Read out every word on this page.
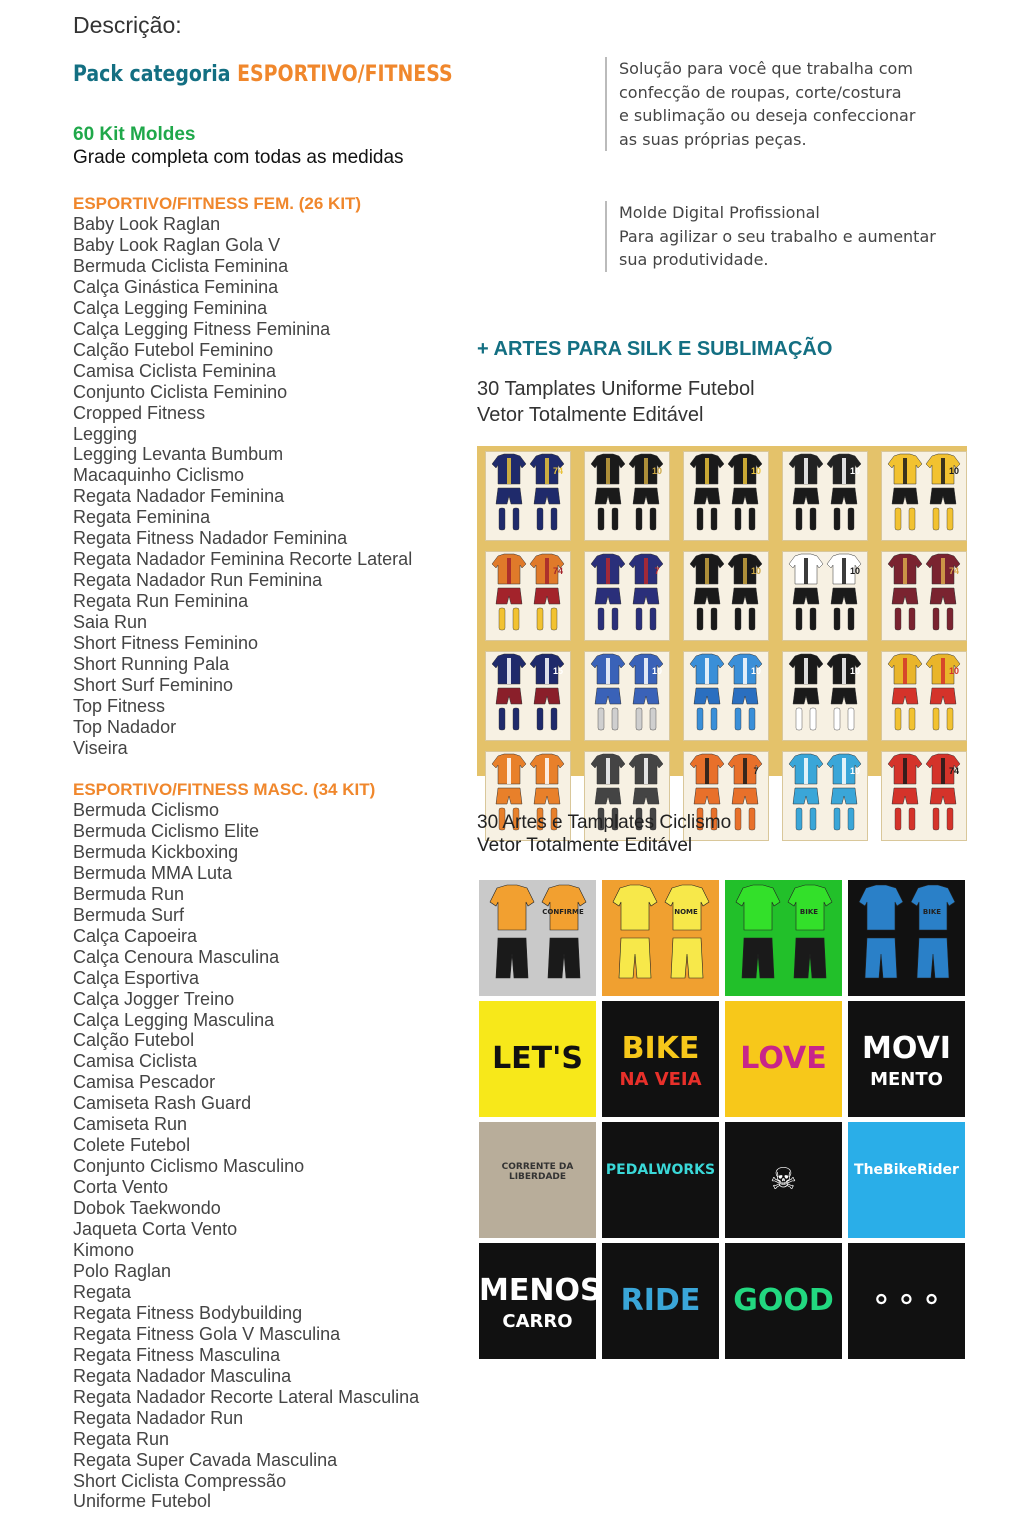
Descrição:
Pack categoria ESPORTIVO/FITNESS
60 Kit Moldes
Grade completa com todas as medidas
ESPORTIVO/FITNESS FEM. (26 KIT)
Baby Look Raglan
Baby Look Raglan Gola V
Bermuda Ciclista Feminina
Calça Ginástica Feminina
Calça Legging Feminina
Calça Legging Fitness Feminina
Calção Futebol Feminino
Camisa Ciclista Feminina
Conjunto Ciclista Feminino
Cropped Fitness
Legging
Legging Levanta Bumbum
Macaquinho Ciclismo
Regata Nadador Feminina
Regata Feminina
Regata Fitness Nadador Feminina
Regata Nadador Feminina Recorte Lateral
Regata Nadador Run Feminina
Regata Run Feminina
Saia Run
Short Fitness Feminino
Short Running Pala
Short Surf Feminino
Top Fitness
Top Nadador
Viseira
ESPORTIVO/FITNESS MASC. (34 KIT)
Bermuda Ciclismo
Bermuda Ciclismo Elite
Bermuda Kickboxing
Bermuda MMA Luta
Bermuda Run
Bermuda Surf
Calça Capoeira
Calça Cenoura Masculina
Calça Esportiva
Calça Jogger Treino
Calça Legging Masculina
Calção Futebol
Camisa Ciclista
Camisa Pescador
Camiseta Rash Guard
Camiseta Run
Colete Futebol
Conjunto Ciclismo Masculino
Corta Vento
Dobok Taekwondo
Jaqueta Corta Vento
Kimono
Polo Raglan
Regata
Regata Fitness Bodybuilding
Regata Fitness Gola V Masculina
Regata Fitness Masculina
Regata Nadador Masculina
Regata Nadador Recorte Lateral Masculina
Regata Nadador Run
Regata Run
Regata Super Cavada Masculina
Short Ciclista Compressão
Uniforme Futebol
Solução para você que trabalha com
confecção de roupas, corte/costura
e sublimação ou deseja confeccionar
as suas próprias peças.
Molde Digital Profissional
Para agilizar o seu trabalho e aumentar
sua produtividade.
+ ARTES PARA SILK E SUBLIMAÇÃO
30 Tamplates Uniforme Futebol
Vetor Totalmente Editável
74	10	10	10	10
74	7	10	10	74
15	10	10	10	10
7	10	74
30 Artes e Tamplates Ciclismo
Vetor Totalmente Editável
CONFIRME	NOME	BIKE	BIKE
LET'S	BIKE
NA VEIA
LOVE	MOVI
MENTO
CORRENTE DA LIBERDADE	PEDALWORKS	☠	TheBikeRider
MENOS
CARRO
RIDE	GOOD	⚬⚬⚬
